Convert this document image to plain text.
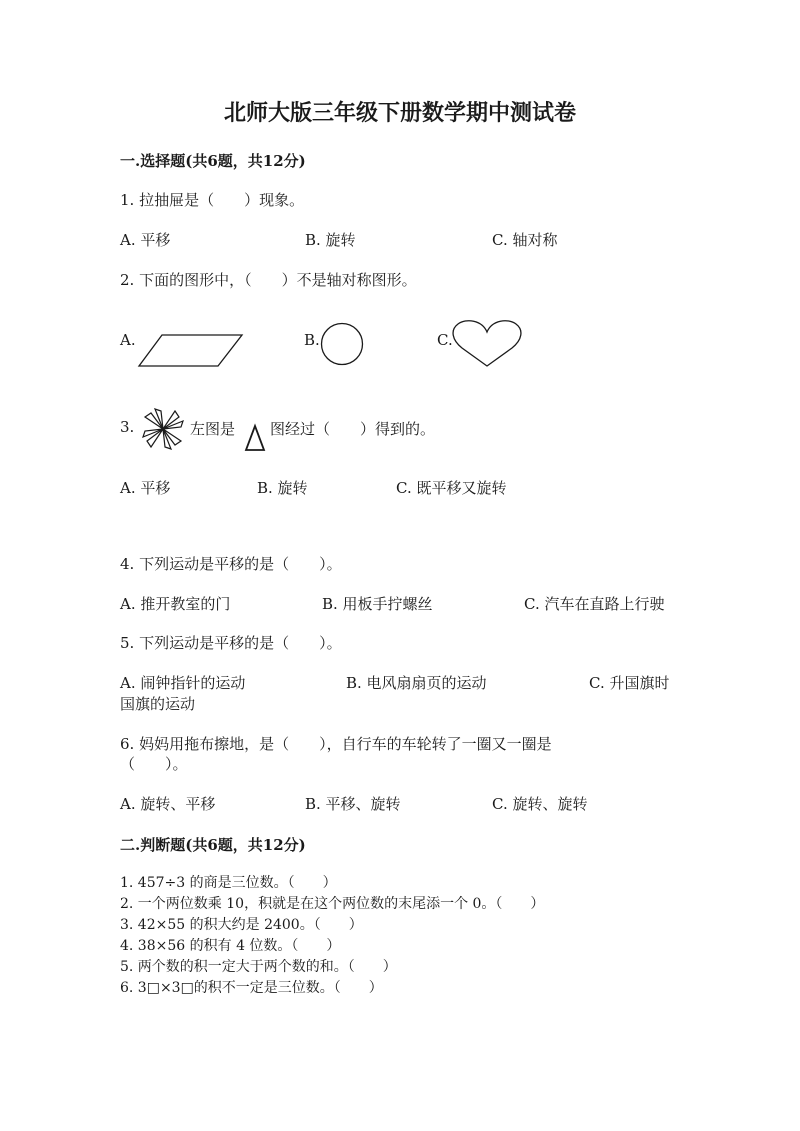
北师大版三年级下册数学期中测试卷
一.选择题(共6题，共12分)
1. 拉抽屉是（　　）现象。
A. 平移	B. 旋转	C. 轴对称
2. 下面的图形中，（　　）不是轴对称图形。
A.	B.	C.
3.	左图是 图经过（　　）得到的。
A. 平移	B. 旋转	C. 既平移又旋转
4. 下列运动是平移的是（　　）。
A. 推开教室的门	B. 用板手拧螺丝	C. 汽车在直路上行驶
5. 下列运动是平移的是（　　）。
A. 闹钟指针的运动	B. 电风扇扇页的运动	C. 升国旗时
国旗的运动
6. 妈妈用拖布擦地，是（　　），自行车的车轮转了一圈又一圈是
（　　）。
A. 旋转、平移	B. 平移、旋转	C. 旋转、旋转
二.判断题(共6题，共12分)
1. 457÷3 的商是三位数。（　　）
2. 一个两位数乘 10，积就是在这个两位数的末尾添一个 0。（　　）
3. 42×55 的积大约是 2400。（　　）
4. 38×56 的积有 4 位数。（　　）
5. 两个数的积一定大于两个数的和。（　　）
6. 3□×3□的积不一定是三位数。（　　）
